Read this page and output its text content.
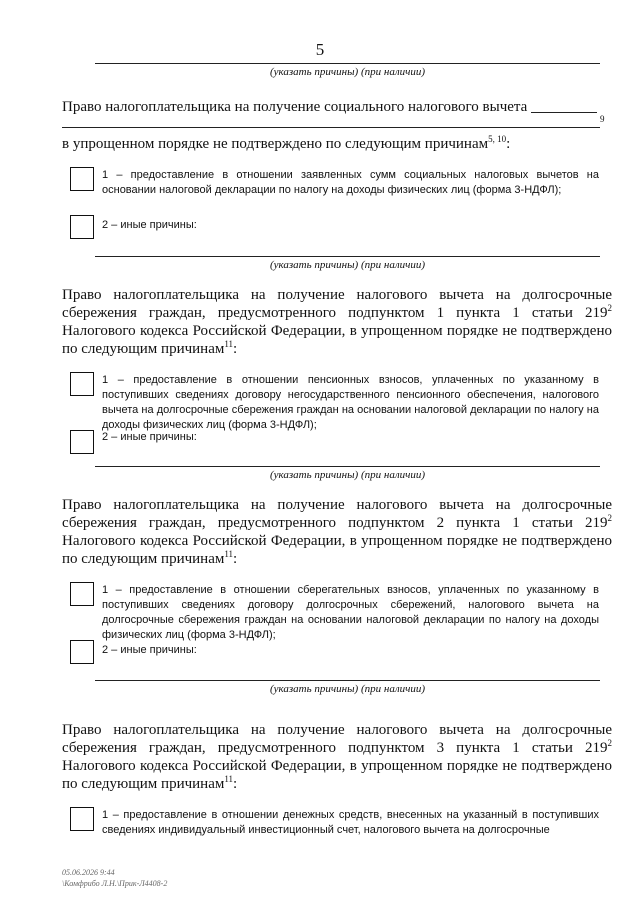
5
(указать причины) (при наличии)
Право налогоплательщика на получение социального налогового вычета
9
в упрощенном порядке не подтверждено по следующим причинам$^{5, 10}$:
1 – предоставление в отношении заявленных сумм социальных налоговых вычетов на основании налоговой декларации по налогу на доходы физических лиц (форма 3-НДФЛ);
2 – иные причины:
(указать причины) (при наличии)
Право налогоплательщика на получение налогового вычета на долгосрочные сбережения граждан, предусмотренного подпунктом 1 пункта 1 статьи $219^2$ Налогового кодекса Российской Федерации, в упрощенном порядке не подтверждено по следующим причинам$^{11}$:
1 – предоставление в отношении пенсионных взносов, уплаченных по указанному в поступивших сведениях договору негосударственного пенсионного обеспечения, налогового вычета на долгосрочные сбережения граждан на основании налоговой декларации по налогу на доходы физических лиц (форма 3-НДФЛ);
2 – иные причины:
(указать причины) (при наличии)
Право налогоплательщика на получение налогового вычета на долгосрочные сбережения граждан, предусмотренного подпунктом 2 пункта 1 статьи $219^2$ Налогового кодекса Российской Федерации, в упрощенном порядке не подтверждено по следующим причинам$^{11}$:
1 – предоставление в отношении сберегательных взносов, уплаченных по указанному в поступивших сведениях договору долгосрочных сбережений, налогового вычета на долгосрочные сбережения граждан на основании налоговой декларации по налогу на доходы физических лиц (форма 3-НДФЛ);
2 – иные причины:
(указать причины) (при наличии)
Право налогоплательщика на получение налогового вычета на долгосрочные сбережения граждан, предусмотренного подпунктом 3 пункта 1 статьи $219^2$ Налогового кодекса Российской Федерации, в упрощенном порядке не подтверждено по следующим причинам$^{11}$:
1 – предоставление в отношении денежных средств, внесенных на указанный в поступивших сведениях индивидуальный инвестиционный счет, налогового вычета на долгосрочные
05.06.2026 9:44
\Комфрибо Л.Н.\Прик-Л4408-2
